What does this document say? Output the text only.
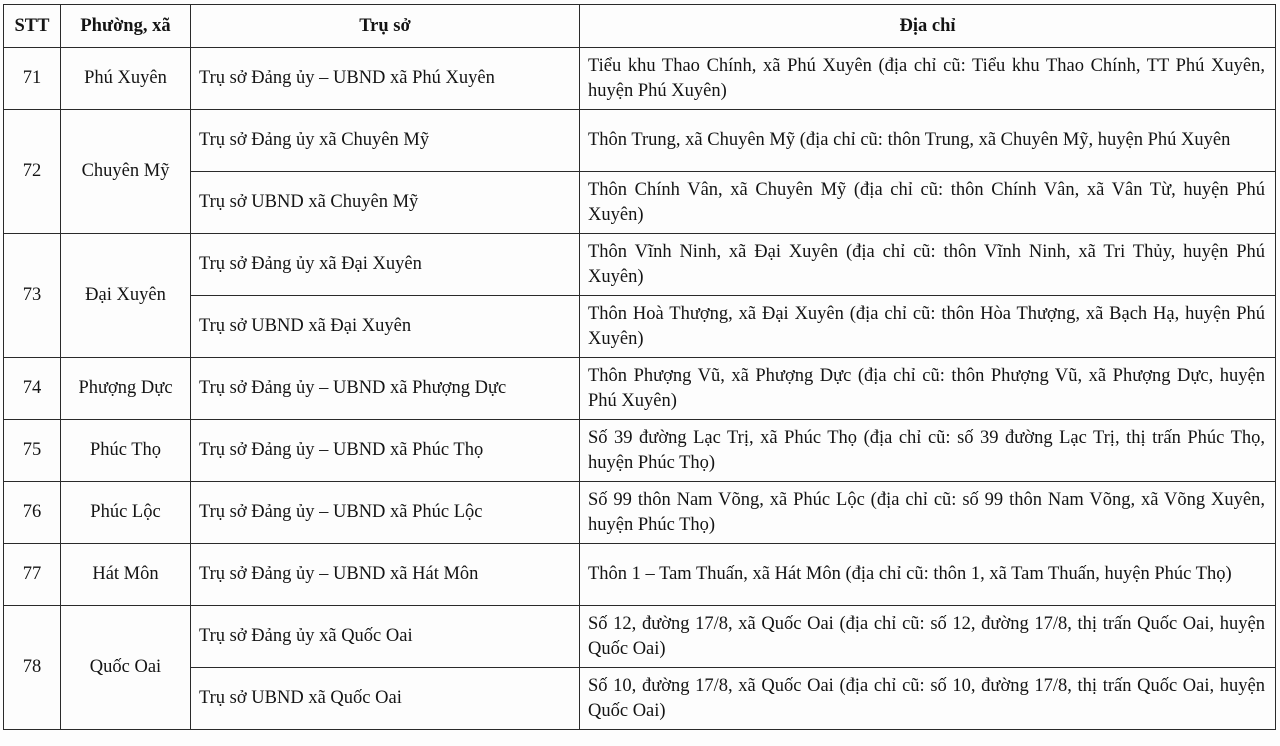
STT	Phường, xã	Trụ sở	Địa chỉ
71	Phú Xuyên	Trụ sở Đảng ủy – UBND xã Phú Xuyên	Tiểu khu Thao Chính, xã Phú Xuyên (địa chỉ cũ: Tiểu khu Thao Chính, TT Phú Xuyên, huyện Phú Xuyên)
72	Chuyên Mỹ	Trụ sở Đảng ủy xã Chuyên Mỹ	Thôn Trung, xã Chuyên Mỹ (địa chỉ cũ: thôn Trung, xã Chuyên Mỹ, huyện Phú Xuyên
		Trụ sở UBND xã Chuyên Mỹ	Thôn Chính Vân, xã Chuyên Mỹ (địa chỉ cũ: thôn Chính Vân, xã Vân Từ, huyện Phú Xuyên)
73	Đại Xuyên	Trụ sở Đảng ủy xã Đại Xuyên	Thôn Vĩnh Ninh, xã Đại Xuyên (địa chỉ cũ: thôn Vĩnh Ninh, xã Tri Thủy, huyện Phú Xuyên)
		Trụ sở UBND xã Đại Xuyên	Thôn Hoà Thượng, xã Đại Xuyên (địa chỉ cũ: thôn Hòa Thượng, xã Bạch Hạ, huyện Phú Xuyên)
74	Phượng Dực	Trụ sở Đảng ủy – UBND xã Phượng Dực	Thôn Phượng Vũ, xã Phượng Dực (địa chỉ cũ: thôn Phượng Vũ, xã Phượng Dực, huyện Phú Xuyên)
75	Phúc Thọ	Trụ sở Đảng ủy – UBND xã Phúc Thọ	Số 39 đường Lạc Trị, xã Phúc Thọ (địa chỉ cũ: số 39 đường Lạc Trị, thị trấn Phúc Thọ, huyện Phúc Thọ)
76	Phúc Lộc	Trụ sở Đảng ủy – UBND xã Phúc Lộc	Số 99 thôn Nam Võng, xã Phúc Lộc (địa chỉ cũ: số 99 thôn Nam Võng, xã Võng Xuyên, huyện Phúc Thọ)
77	Hát Môn	Trụ sở Đảng ủy – UBND xã Hát Môn	Thôn 1 – Tam Thuấn, xã Hát Môn (địa chỉ cũ: thôn 1, xã Tam Thuấn, huyện Phúc Thọ)
78	Quốc Oai	Trụ sở Đảng ủy xã Quốc Oai	Số 12, đường 17/8, xã Quốc Oai (địa chỉ cũ: số 12, đường 17/8, thị trấn Quốc Oai, huyện Quốc Oai)
		Trụ sở UBND xã Quốc Oai	Số 10, đường 17/8, xã Quốc Oai (địa chỉ cũ: số 10, đường 17/8, thị trấn Quốc Oai, huyện Quốc Oai)
